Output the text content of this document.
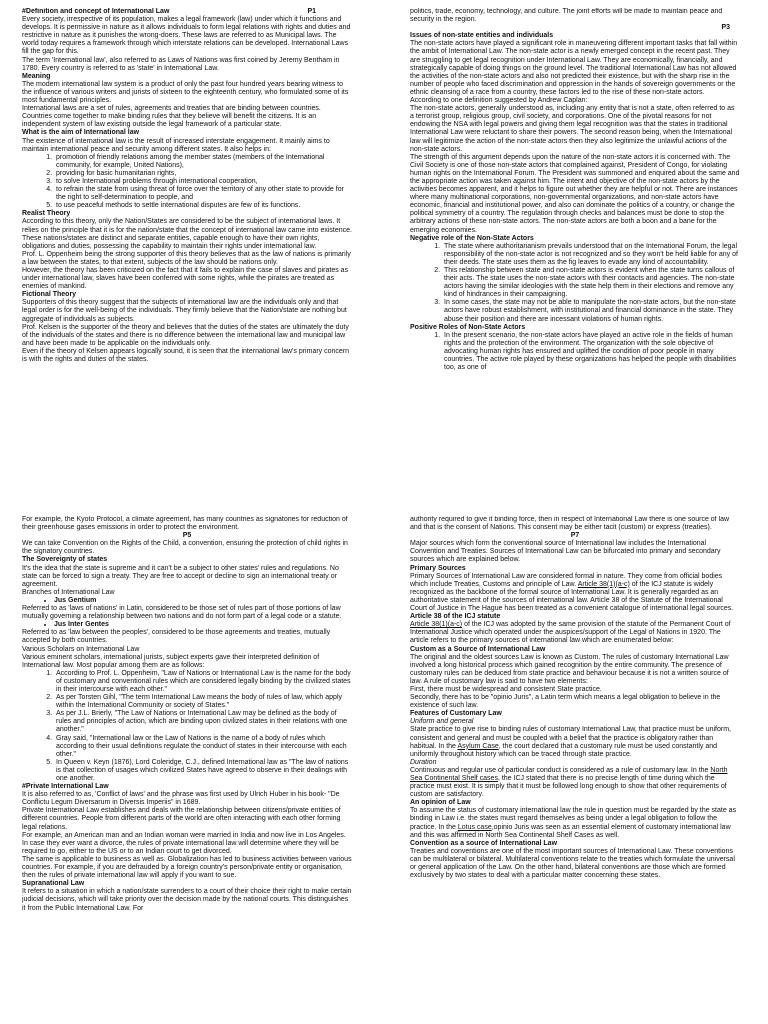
#Definition and concept of International Law	P1

Every society, irrespective of its population, makes a legal framework (law) under which it functions and develops. It is permissive in nature as it allows individuals to form legal relations with rights and duties and restrictive in nature as it punishes the wrong-doers. These laws are referred to as Municipal laws. The world today requires a framework through which interstate relations can be developed. International Laws fill the gap for this.

The term 'International law', also referred to as Laws of Nations was first coined by Jeremy Bentham in 1780. Every country is referred to as 'state' in International Law.

Meaning

The modern international law system is a product of only the past four hundred years bearing witness to the influence of various writers and jurists of sixteen to the eighteenth century, who formulated some of its most fundamental principles.

International laws are a set of rules, agreements and treaties that are binding between countries. Countries come together to make binding rules that they believe will benefit the citizens. It is an independent system of law existing outside the legal framework of a particular state.

What is the aim of International law

The existence of international law is the result of increased interstate engagement. It mainly aims to maintain international peace and security among different states. It also helps in:

1. promotion of friendly relations among the member states (members of the International community, for example, United Nations),
2. providing for basic humanitarian rights,
3. to solve International problems through international cooperation,
4. to refrain the state from using threat of force over the territory of any other state to provide for the right to self-determination to people, and
5. to use peaceful methods to settle international disputes are few of its functions.

Realist Theory

According to this theory, only the Nation/States are considered to be the subject of international laws. It relies on the principle that it is for the nation/state that the concept of international law came into existence. These nations/states are distinct and separate entities, capable enough to have their own rights, obligations and duties, possessing the capability to maintain their rights under international law.

Prof. L. Oppenheim being the strong supporter of this theory believes that as the law of nations is primarily a law between the states, to that extent, subjects of the law should be nations only.

However, the theory has been criticized on the fact that it fails to explain the case of slaves and pirates as under international law, slaves have been conferred with some rights, while the pirates are treated as enemies of mankind.

Fictional Theory

Supporters of this theory suggest that the subjects of international law are the individuals only and that legal order is for the well-being of the individuals. They firmly believe that the Nation/state are nothing but aggregate of individuals as subjects.

Prof. Kelsen is the supporter of the theory and believes that the duties of the states are ultimately the duty of the individuals of the states and there is no difference between the international law and municipal law and have been made to be applicable on the individuals only.

Even if the theory of Kelsen appears logically sound, it is seen that the international law's primary concern is with the rights and duties of the states.

politics, trade, economy, technology, and culture. The joint efforts will be made to maintain peace and security in the region.

P3

Issues of non-state entities and individuals

The non-state actors have played a significant role in maneuvering different important tasks that fall within the ambit of International Law. The non-state actor is a newly emerged concept in the recent past. They are struggling to get legal recognition under International Law. They are economically, financially, and strategically capable of doing things on the ground level. The traditional International Law has not allowed the activities of the non-state actors and also not predicted their existence, but with the sharp rise in the number of people who faced discrimination and oppression in the hands of sovereign governments or the ethnic cleansing of a race from a country, these factors led to the rise of these non-state actors.

According to one definition suggested by Andrew Caplan:

The non-state actors, generally understood as, including any entity that is not a state, often referred to as a terrorist group, religious group, civil society, and corporations. One of the pivotal reasons for not endowing the NSA with legal powers and giving them legal recognition was that the states in traditional International Law were reluctant to share their powers. The second reason being, when the International law will legitimize the action of the non-state actors then they also legitimize the unlawful actions of the non-state actors.

The strength of this argument depends upon the nature of the non-state actors it is concerned with. The Civil Society is one of those non-state actors that complained against, President of Congo, for violating human rights on the International Forum. The President was summoned and enquired about the same and the appropriate action was taken against him. The intent and objective of the non-state actors by the activities becomes apparent, and it helps to figure out whether they are helpful or not. There are instances where many multinational corporations, non-governmental organizations, and non-state actors have economic, financial and institutional power, and also can dominate the politics of a country, or change the political symmetry of a country. The regulation through checks and balances must be done to stop the arbitrary actions of these non-state actors. The non-state actors are both a boon and a bane for the emerging economies.

Negative role of the Non-State Actors

1. The state where authoritarianism prevails understood that on the International Forum, the legal responsibility of the non-state actor is not recognized and so they won't be held liable for any of their deeds. The state uses them as the fig leaves to evade any kind of accountability.
2. This relationship between state and non-state actors is evident when the state turns callous of their acts. The state uses the non-state actors with their contacts and agencies. The non-state actors having the similar ideologies with the state help them in their elections and remove any kind of hindrances in their campaigning.
3. In some cases, the state may not be able to manipulate the non-state actors, but the non-state actors have robust establishment, with institutional and financial dominance in the state. They abuse their position and there are incessant violations of human rights.

Positive Roles of Non-State Actors

1. In the present scenario, the non-state actors have played an active role in the fields of human rights and the protection of the environment. The organization with the sole objective of advocating human rights has ensured and uplifted the condition of poor people in many countries. The active role played by these organizations has helped the people with disabilities too, as one of

For example, the Kyoto Protocol, a climate agreement, has many countries as signatories for reduction of their greenhouse gases emissions in order to protect the environment.

P5

We can take Convention on the Rights of the Child, a convention, ensuring the protection of child rights in the signatory countries.

The Sovereignty of states

It's the idea that the state is supreme and it can't be a subject to other states' rules and regulations. No state can be forced to sign a treaty. They are free to accept or decline to sign an international treaty or agreement.

Branches of International Law

• Jus Gentium

Referred to as 'laws of nations' in Latin, considered to be those set of rules part of those portions of law mutually governing a relationship between two nations and do not form part of a legal code or a statute.

• Jus Inter Gentes

Referred to as 'law between the peoples', considered to be those agreements and treaties, mutually accepted by both countries.

Various Scholars on International Law

Various eminent scholars, international jurists, subject experts gave their interpreted definition of International law. Most popular among them are as follows:

1. According to Prof. L. Oppenheim, "Law of Nations or International Law is the name for the body of customary and conventional rules which are considered legally binding by the civilized states in their intercourse with each other."
2. As per Torsten Gihl, "The term International Law means the body of rules of law, which apply within the International Community or society of States."
3. As per J.L. Brierly, "The Law of Nations or International Law may be defined as the body of rules and principles of action, which are binding upon civilized states in their relations with one another."
4. Gray said, "International law or the Law of Nations is the name of a body of rules which according to their usual definitions regulate the conduct of states in their intercourse with each other."
5. In Queen v. Keyn (1876), Lord Coleridge, C.J., defined International law as "The law of nations is that collection of usages which civilized States have agreed to observe in their dealings with one another.

#Private International Law

It is also referred to as, 'Conflict of laws' and the phrase was first used by Ulrich Huber in his book- "De Conflictu Legum Diversarum in Diversis Imperiis" in 1689.

Private International Law establishes and deals with the relationship between citizens/private entities of different countries. People from different parts of the world are often interacting with each other forming legal relations.

For example, an American man and an Indian woman were married in India and now live in Los Angeles. In case they ever want a divorce, the rules of private international law will determine where they will be required to go, either to the US or to an Indian court to get divorced.

The same is applicable to business as well as. Globalization has led to business activities between various countries. For example, if you are defrauded by a foreign country's person/private entity or organisation, then the rules of private international law will apply if you want to sue.

Supranational Law

It refers to a situation in which a nation/state surrenders to a court of their choice their right to make certain judicial decisions, which will take priority over the decision made by the national courts. This distinguishes it from the Public International Law. For

authority required to give it binding force, then in respect of International Law there is one source of law and that is the consent of Nations. This consent may be either tacit (custom) or express (treaties).

P7

Major sources which form the conventional source of International law includes the International Convention and Treaties. Sources of International Law can be bifurcated into primary and secondary sources which are explained below.

Primary Sources

Primary Sources of International Law are considered formal in nature. They come from official bodies which include Treaties, Customs and principle of Law. Article 38(1)(a-c) of the ICJ statute is widely recognized as the backbone of the formal source of International Law. It is generally regarded as an authoritative statement of the sources of international law. Article 38 of the Statute of the International Court of Justice in The Hague has been treated as a convenient catalogue of international legal sources.

Article 38 of the ICJ statute

Article 38(1)(a-c) of the ICJ was adopted by the same provision of the statute of the Permanent Court of International Justice which operated under the auspices/support of the Legal of Nations in 1920. The article refers to the primary sources of international law which are enumerated below:

Custom as a Source of International Law

The original and the oldest sources Law is known as Custom. The rules of customary International Law involved a long historical process which gained recognition by the entire community. The presence of customary rules can be deduced from state practice and behaviour because it is not a written source of law. A rule of customary law is said to have two elements:

First, there must be widespread and consistent State practice.

Secondly, there has to be "opinio Juris", a Latin term which means a legal obligation to believe in the existence of such law.

Features of Customary Law

Uniform and general

State practice to give rise to binding rules of customary International Law, that practice must be uniform, consistent and general and must be coupled with a belief that the practice is obligatory rather than habitual. In the Asylum Case, the court declared that a customary rule must be used constantly and uniformly throughout history which can be traced through state practice.

Duration

Continuous and regular use of particular conduct is considered as a rule of customary law. In the North Sea Continental Shelf cases, the ICJ stated that there is no precise length of time during which the practice must exist. It is simply that it must be followed long enough to show that other requirements of custom are satisfactory.

An opinion of Law

To assume the status of customary international law the rule in question must be regarded by the state as binding in Law i.e. the states must regard themselves as being under a legal obligation to follow the practice. In the Lotus case,opinio Juris was seen as an essential element of customary international law and this was affirmed in North Sea Continental Shelf Cases as well.

Convention as a source of International Law

Treaties and conventions are one of the most important sources of International Law. These conventions can be multilateral or bilateral. Multilateral conventions relate to the treaties which formulate the universal or general application of the Law. On the other hand, bilateral conventions are those which are formed exclusively by two states to deal with a particular matter concerning these states.
